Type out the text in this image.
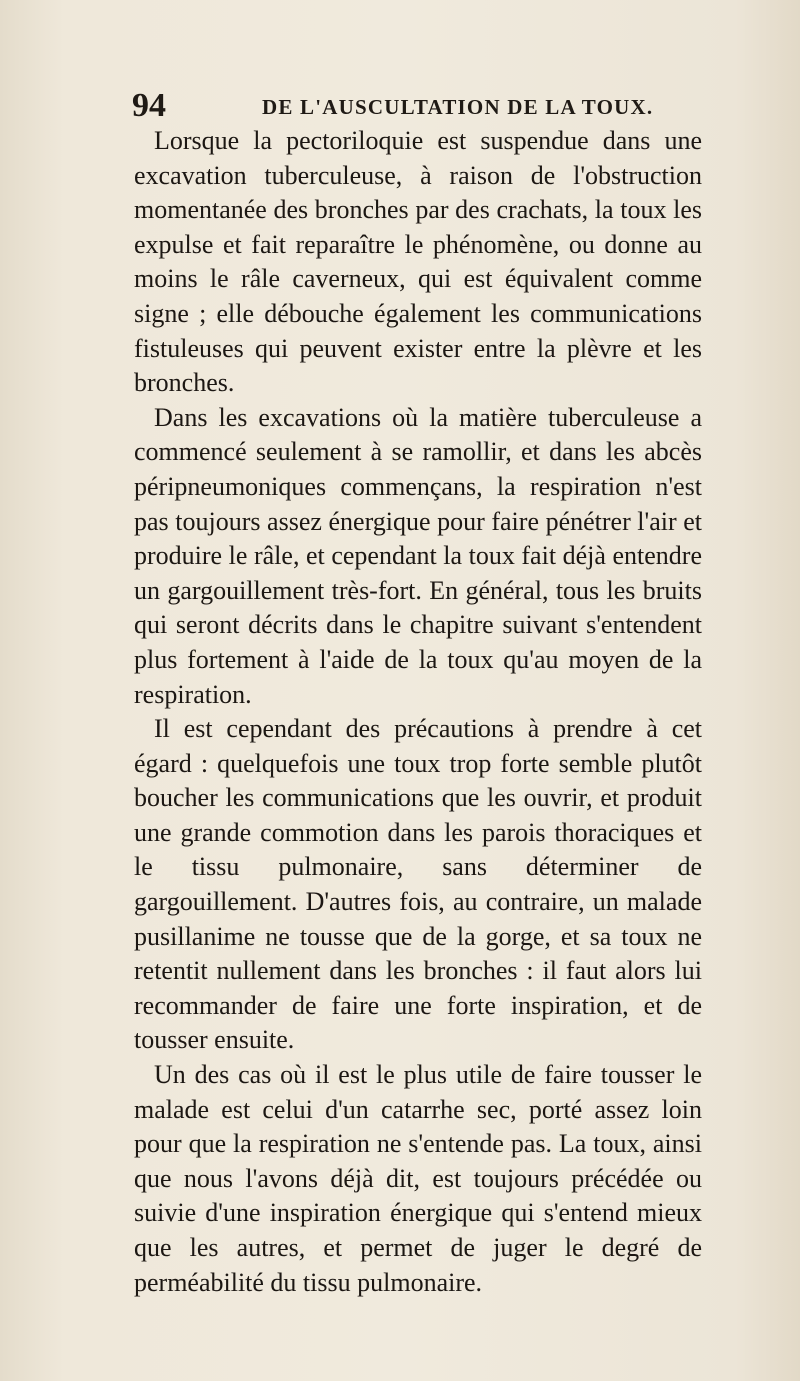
94	DE L'AUSCULTATION DE LA TOUX.

Lorsque la pectoriloquie est suspendue dans une excavation tuberculeuse, à raison de l'obstruction momentanée des bronches par des crachats, la toux les expulse et fait reparaître le phénomène, ou donne au moins le râle caverneux, qui est équivalent comme signe ; elle débouche également les communications fistuleuses qui peuvent exister entre la plèvre et les bronches.

Dans les excavations où la matière tuberculeuse a commencé seulement à se ramollir, et dans les abcès péripneumoniques commençans, la respiration n'est pas toujours assez énergique pour faire pénétrer l'air et produire le râle, et cependant la toux fait déjà entendre un gargouillement très-fort. En général, tous les bruits qui seront décrits dans le chapitre suivant s'entendent plus fortement à l'aide de la toux qu'au moyen de la respiration.

Il est cependant des précautions à prendre à cet égard : quelquefois une toux trop forte semble plutôt boucher les communications que les ouvrir, et produit une grande commotion dans les parois thoraciques et le tissu pulmonaire, sans déterminer de gargouillement. D'autres fois, au contraire, un malade pusillanime ne tousse que de la gorge, et sa toux ne retentit nullement dans les bronches : il faut alors lui recommander de faire une forte inspiration, et de tousser ensuite.

Un des cas où il est le plus utile de faire tousser le malade est celui d'un catarrhe sec, porté assez loin pour que la respiration ne s'entende pas. La toux, ainsi que nous l'avons déjà dit, est toujours précédée ou suivie d'une inspiration énergique qui s'entend mieux que les autres, et permet de juger le degré de perméabilité du tissu pulmonaire.
